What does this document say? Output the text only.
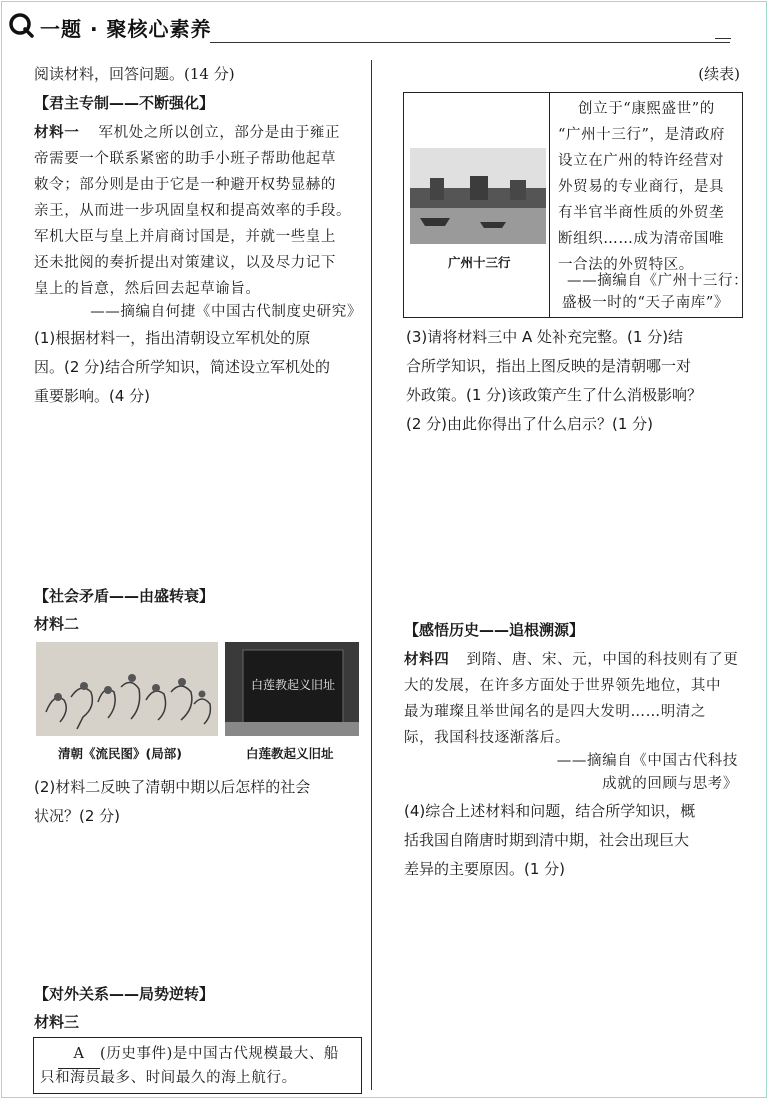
一题 · 聚核心素养
阅读材料，回答问题。(14 分)
【君主专制——不断强化】
材料一 军机处之所以创立，部分是由于雍正
帝需要一个联系紧密的助手小班子帮助他起草
敕令；部分则是由于它是一种避开权势显赫的
亲王，从而进一步巩固皇权和提高效率的手段。
军机大臣与皇上并肩商讨国是，并就一些皇上
还未批阅的奏折提出对策建议，以及尽力记下
皇上的旨意，然后回去起草谕旨。
——摘编自何捷《中国古代制度史研究》
(1)根据材料一，指出清朝设立军机处的原
因。(2 分)结合所学知识，简述设立军机处的
重要影响。(4 分)
【社会矛盾——由盛转衰】
材料二
白莲教起义旧址
清朝《流民图》(局部)	白莲教起义旧址
(2)材料二反映了清朝中期以后怎样的社会
状况？(2 分)
【对外关系——局势逆转】
材料三
A (历史事件)是中国古代规模最大、船
只和海员最多、时间最久的海上航行。
(续表)
广州十三行
创立于“康熙盛世”的
“广州十三行”，是清政府
设立在广州的特许经营对
外贸易的专业商行，是具
有半官半商性质的外贸垄
断组织……成为清帝国唯
一合法的外贸特区。
——摘编自《广州十三行：
盛极一时的“天子南库”》
(3)请将材料三中 A 处补充完整。(1 分)结
合所学知识，指出上图反映的是清朝哪一对
外政策。(1 分)该政策产生了什么消极影响？
(2 分)由此你得出了什么启示？(1 分)
【感悟历史——追根溯源】
材料四 到隋、唐、宋、元，中国的科技则有了更
大的发展，在许多方面处于世界领先地位，其中
最为璀璨且举世闻名的是四大发明……明清之
际，我国科技逐渐落后。
——摘编自《中国古代科技
成就的回顾与思考》
(4)综合上述材料和问题，结合所学知识，概
括我国自隋唐时期到清中期，社会出现巨大
差异的主要原因。(1 分)
